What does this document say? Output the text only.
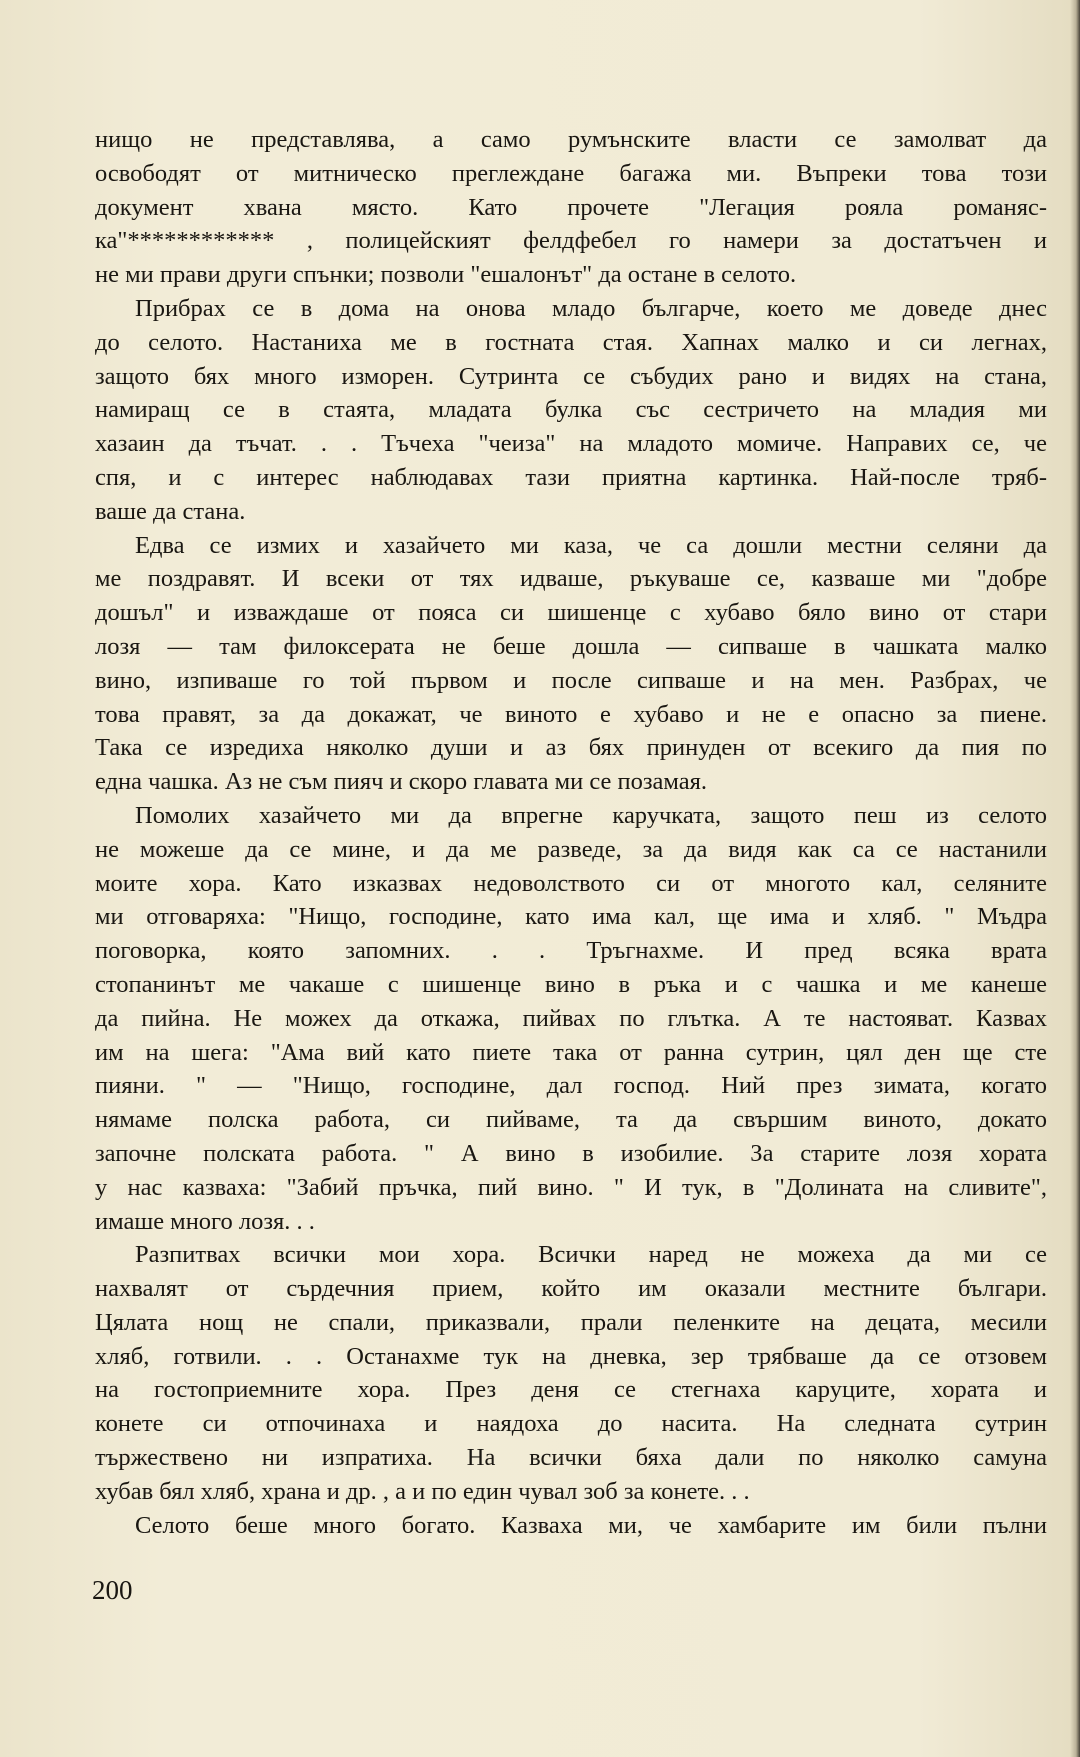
нищо не представлява, а само румънските власти се замолват да
освободят от митническо преглеждане багажа ми. Въпреки това този
документ хвана място. Като прочете "Легация рояла романяс-
ка"************ , полицейският фелдфебел го намери за достатъчен и
не ми прави други спънки; позволи "ешалонът" да остане в селото.
Прибрах се в дома на онова младо българче, което ме доведе днес
до селото. Настаниха ме в гостната стая. Хапнах малко и си легнах,
защото бях много изморен. Сутринта се събудих рано и видях на стана,
намиращ се в стаята, младата булка със сестричето на младия ми
хазаин да тъчат. . . Тъчеха "чеиза" на младото момиче. Направих се, че
спя, и с интерес наблюдавах тази приятна картинка. Най-после тряб-
ваше да стана.
Едва се измих и хазайчето ми каза, че са дошли местни селяни да
ме поздравят. И всеки от тях идваше, ръкуваше се, казваше ми "добре
дошъл" и изваждаше от пояса си шишенце с хубаво бяло вино от стари
лозя — там филоксерата не беше дошла — сипваше в чашката малко
вино, изпиваше го той първом и после сипваше и на мен. Разбрах, че
това правят, за да докажат, че виното е хубаво и не е опасно за пиене.
Така се изредиха няколко души и аз бях принуден от всекиго да пия по
една чашка. Аз не съм пияч и скоро главата ми се позамая.
Помолих хазайчето ми да впрегне каручката, защото пеш из селото
не можеше да се мине, и да ме разведе, за да видя как са се настанили
моите хора. Като изказвах недоволството си от многото кал, селяните
ми отговаряха: "Нищо, господине, като има кал, ще има и хляб. " Мъдра
поговорка, която запомних. . . Тръгнахме. И пред всяка врата
стопанинът ме чакаше с шишенце вино в ръка и с чашка и ме канеше
да пийна. Не можех да откажа, пийвах по глътка. А те настояват. Казвах
им на шега: "Ама вий като пиете така от ранна сутрин, цял ден ще сте
пияни. " — "Нищо, господине, дал господ. Ний през зимата, когато
нямаме полска работа, си пийваме, та да свършим виното, докато
започне полската работа. " А вино в изобилие. За старите лозя хората
у нас казваха: "Забий пръчка, пий вино. " И тук, в "Долината на сливите",
имаше много лозя. . .
Разпитвах всички мои хора. Всички наред не можеха да ми се
нахвалят от сърдечния прием, който им оказали местните българи.
Цялата нощ не спали, приказвали, прали пеленките на децата, месили
хляб, готвили. . . Останахме тук на дневка, зер трябваше да се отзовем
на гостоприемните хора. През деня се стегнаха каруците, хората и
конете си отпочинаха и наядоха до насита. На следната сутрин
тържествено ни изпратиха. На всички бяха дали по няколко самуна
хубав бял хляб, храна и др. , а и по един чувал зоб за конете. . .
Селото беше много богато. Казваха ми, че хамбарите им били пълни
200
